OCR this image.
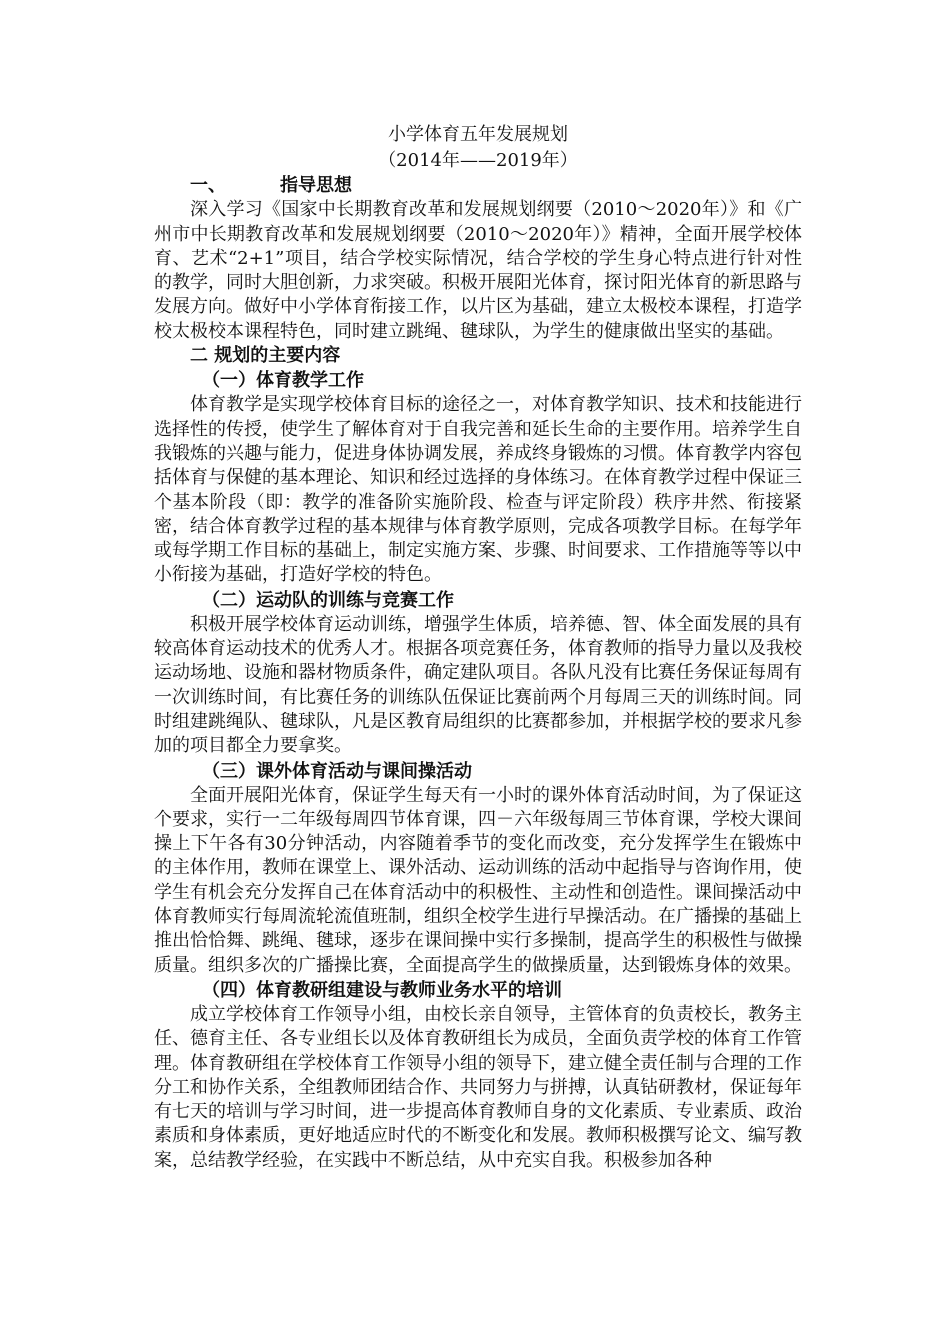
小学体育五年发展规划
（2014年——2019年）
一、	指导思想
深入学习《国家中长期教育改革和发展规划纲要（2010～2020年）》和《广州市中长期教育改革和发展规划纲要（2010～2020年）》精神，全面开展学校体育、艺术“2+1”项目，结合学校实际情况，结合学校的学生身心特点进行针对性的教学，同时大胆创新，力求突破。积极开展阳光体育，探讨阳光体育的新思路与发展方向。做好中小学体育衔接工作，以片区为基础，建立太极校本课程，打造学校太极校本课程特色，同时建立跳绳、毽球队，为学生的健康做出坚实的基础。
二 规划的主要内容
（一）体育教学工作
体育教学是实现学校体育目标的途径之一，对体育教学知识、技术和技能进行选择性的传授，使学生了解体育对于自我完善和延长生命的主要作用。培养学生自我锻炼的兴趣与能力，促进身体协调发展，养成终身锻炼的习惯。体育教学内容包括体育与保健的基本理论、知识和经过选择的身体练习。在体育教学过程中保证三个基本阶段（即：教学的准备阶实施阶段、检查与评定阶段）秩序井然、衔接紧密，结合体育教学过程的基本规律与体育教学原则，完成各项教学目标。在每学年或每学期工作目标的基础上，制定实施方案、步骤、时间要求、工作措施等等以中小衔接为基础，打造好学校的特色。
（二）运动队的训练与竞赛工作
积极开展学校体育运动训练，增强学生体质，培养德、智、体全面发展的具有较高体育运动技术的优秀人才。根据各项竞赛任务，体育教师的指导力量以及我校运动场地、设施和器材物质条件，确定建队项目。各队凡没有比赛任务保证每周有一次训练时间，有比赛任务的训练队伍保证比赛前两个月每周三天的训练时间。同时组建跳绳队、毽球队，凡是区教育局组织的比赛都参加，并根据学校的要求凡参加的项目都全力要拿奖。
（三）课外体育活动与课间操活动
全面开展阳光体育，保证学生每天有一小时的课外体育活动时间，为了保证这个要求，实行一二年级每周四节体育课，四－六年级每周三节体育课，学校大课间操上下午各有30分钟活动，内容随着季节的变化而改变，充分发挥学生在锻炼中的主体作用，教师在课堂上、课外活动、运动训练的活动中起指导与咨询作用，使学生有机会充分发挥自己在体育活动中的积极性、主动性和创造性。课间操活动中体育教师实行每周流轮流值班制，组织全校学生进行早操活动。在广播操的基础上推出恰恰舞、跳绳、毽球，逐步在课间操中实行多操制，提高学生的积极性与做操质量。组织多次的广播操比赛，全面提高学生的做操质量，达到锻炼身体的效果。
（四）体育教研组建设与教师业务水平的培训
成立学校体育工作领导小组，由校长亲自领导，主管体育的负责校长，教务主任、德育主任、各专业组长以及体育教研组长为成员，全面负责学校的体育工作管理。体育教研组在学校体育工作领导小组的领导下，建立健全责任制与合理的工作分工和协作关系，全组教师团结合作、共同努力与拼搏，认真钻研教材，保证每年有七天的培训与学习时间，进一步提高体育教师自身的文化素质、专业素质、政治素质和身体素质，更好地适应时代的不断变化和发展。教师积极撰写论文、编写教案，总结教学经验，在实践中不断总结，从中充实自我。积极参加各种
